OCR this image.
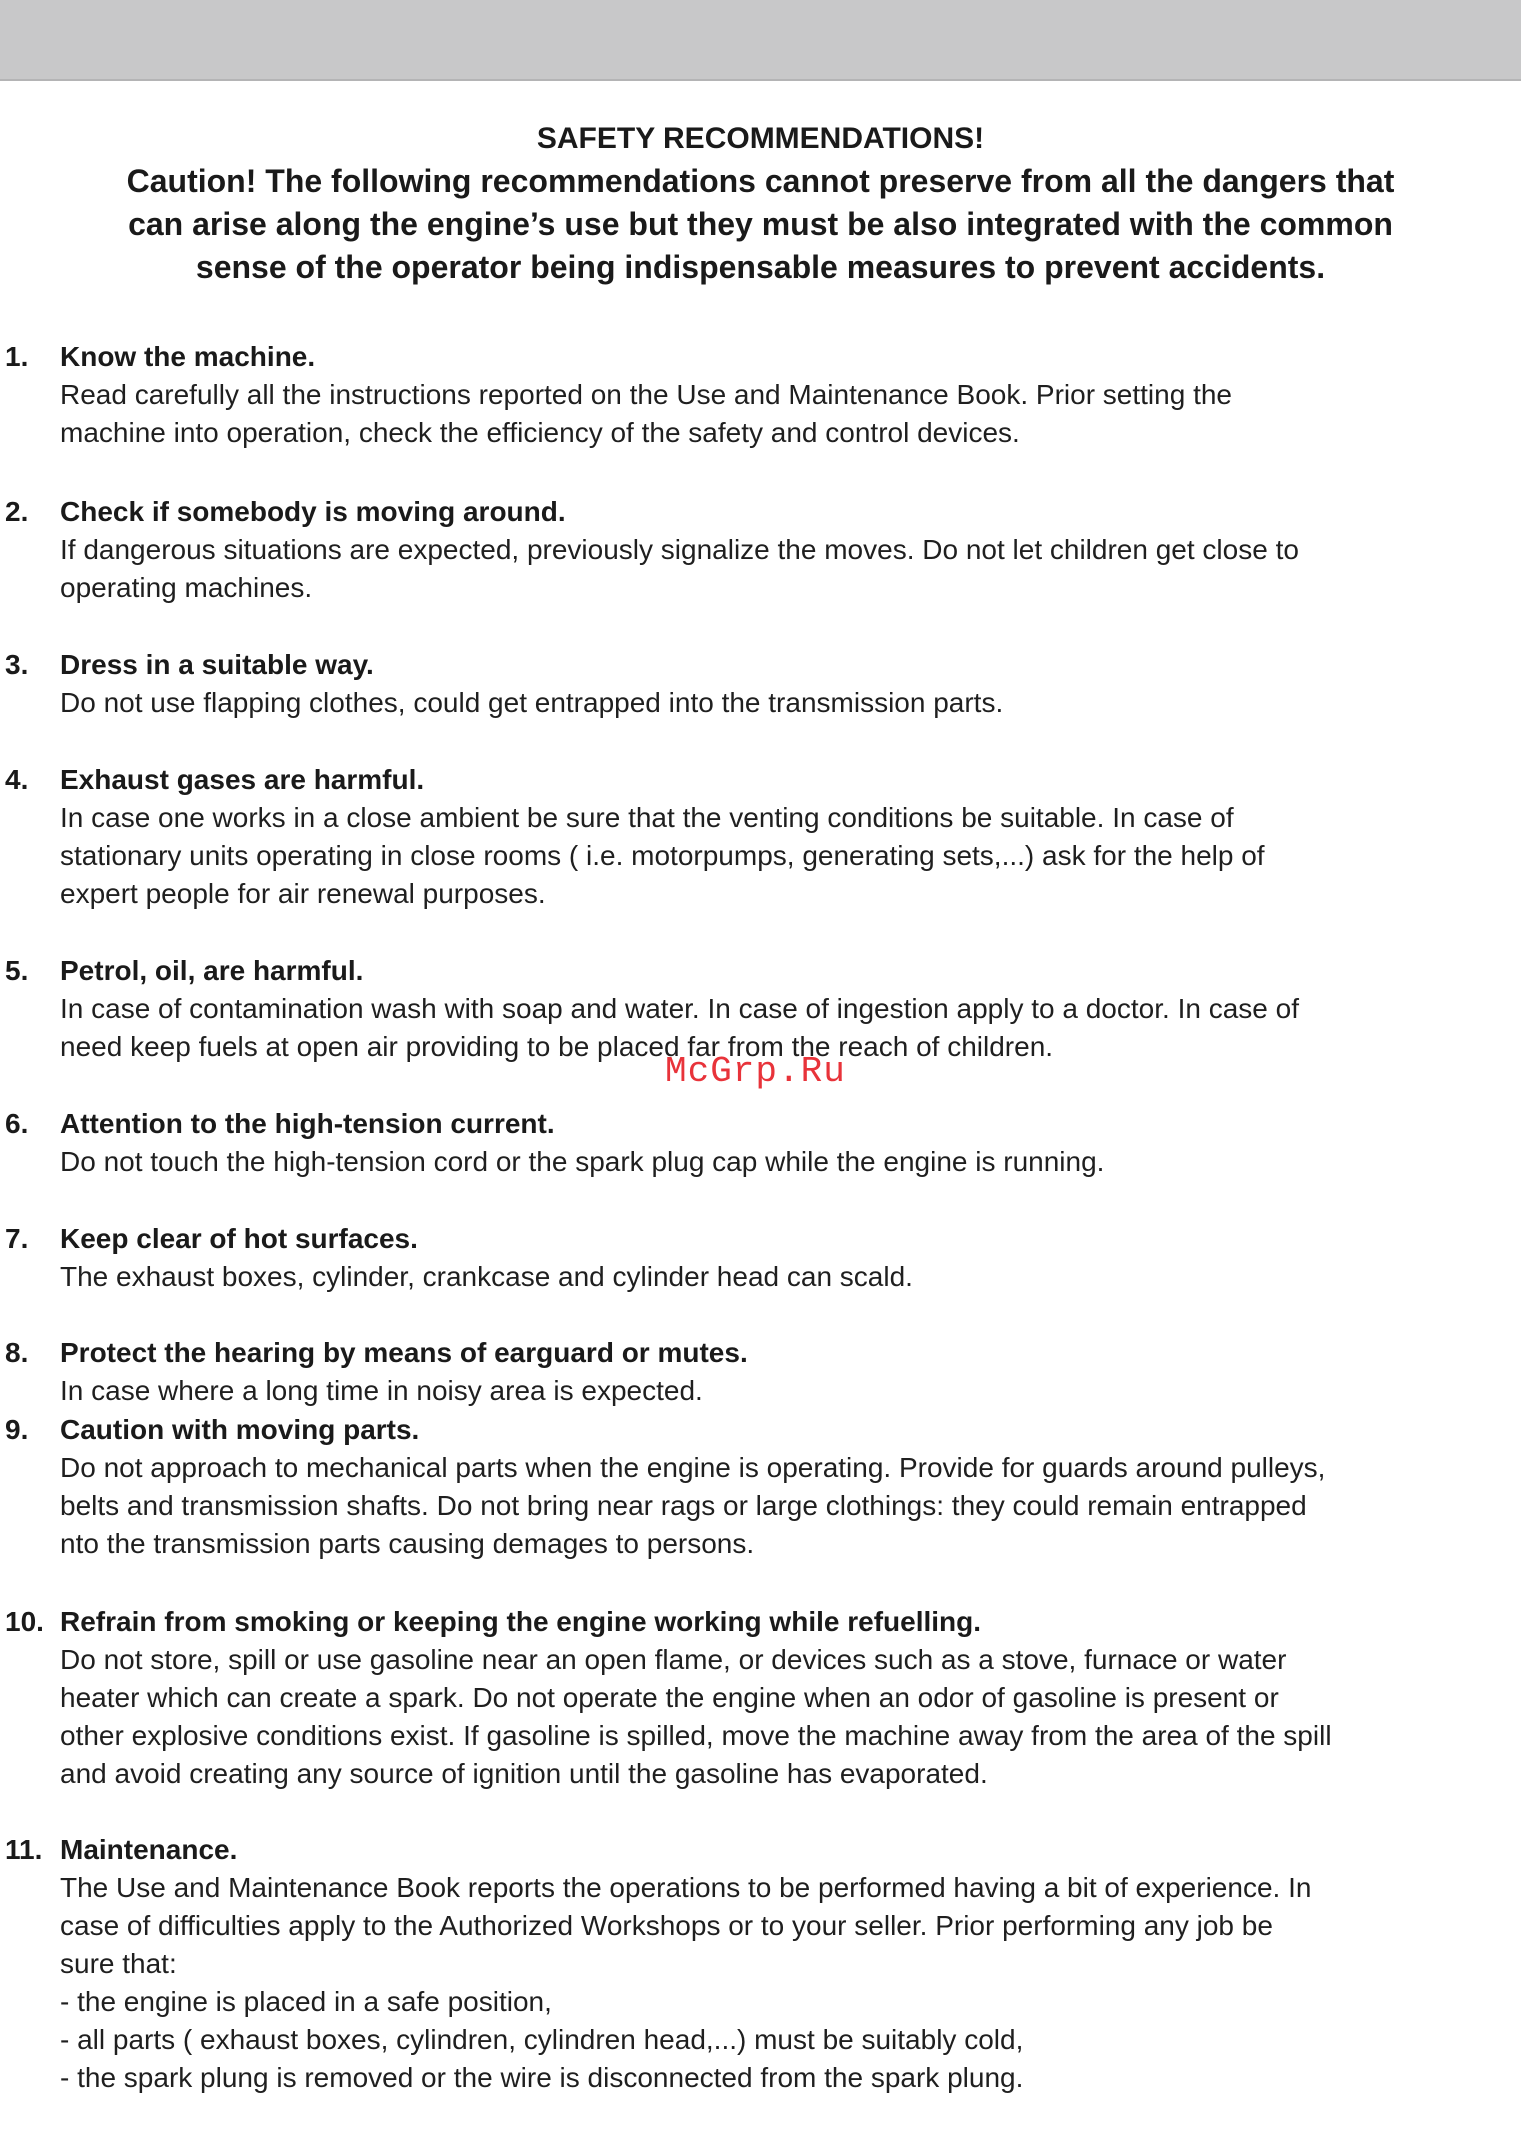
SAFETY RECOMMENDATIONS!

Caution! The following recommendations cannot preserve from all the dangers that

can arise along the engine’s use but they must be also integrated with the common

sense of the operator being indispensable measures to prevent accidents.

1. Know the machine.
Read carefully all the instructions reported on the Use and Maintenance Book. Prior setting the
machine into operation, check the efficiency of the safety and control devices.
2. Check if somebody is moving around.
If dangerous situations are expected, previously signalize the moves. Do not let children get close to
operating machines.
3. Dress in a suitable way.
Do not use flapping clothes, could get entrapped into the transmission parts.
4. Exhaust gases are harmful.
In case one works in a close ambient be sure that the venting conditions be suitable. In case of
stationary units operating in close rooms ( i.e. motorpumps, generating sets,...) ask for the help of
expert people for air renewal purposes.
5. Petrol, oil, are harmful.
In case of contamination wash with soap and water. In case of ingestion apply to a doctor. In case of
need keep fuels at open air providing to be placed far from the reach of children.
6. Attention to the high-tension current.
Do not touch the high-tension cord or the spark plug cap while the engine is running.
7. Keep clear of hot surfaces.
The exhaust boxes, cylinder, crankcase and cylinder head can scald.
8. Protect the hearing by means of earguard or mutes.
In case where a long time in noisy area is expected.
9. Caution with moving parts.
Do not approach to mechanical parts when the engine is operating. Provide for guards around pulleys,
belts and transmission shafts. Do not bring near rags or large clothings: they could remain entrapped
nto the transmission parts causing demages to persons.
10. Refrain from smoking or keeping the engine working while refuelling.
Do not store, spill or use gasoline near an open flame, or devices such as a stove, furnace or water
heater which can create a spark. Do not operate the engine when an odor of gasoline is present or
other explosive conditions exist. If gasoline is spilled, move the machine away from the area of the spill
and avoid creating any source of ignition until the gasoline has evaporated.
11. Maintenance.
The Use and Maintenance Book reports the operations to be performed having a bit of experience. In
case of difficulties apply to the Authorized Workshops or to your seller. Prior performing any job be
sure that:
- the engine is placed in a safe position,
- all parts ( exhaust boxes, cylindren, cylindren head,...) must be suitably cold,
- the spark plung is removed or the wire is disconnected from the spark plung.
McGrp.Ru
